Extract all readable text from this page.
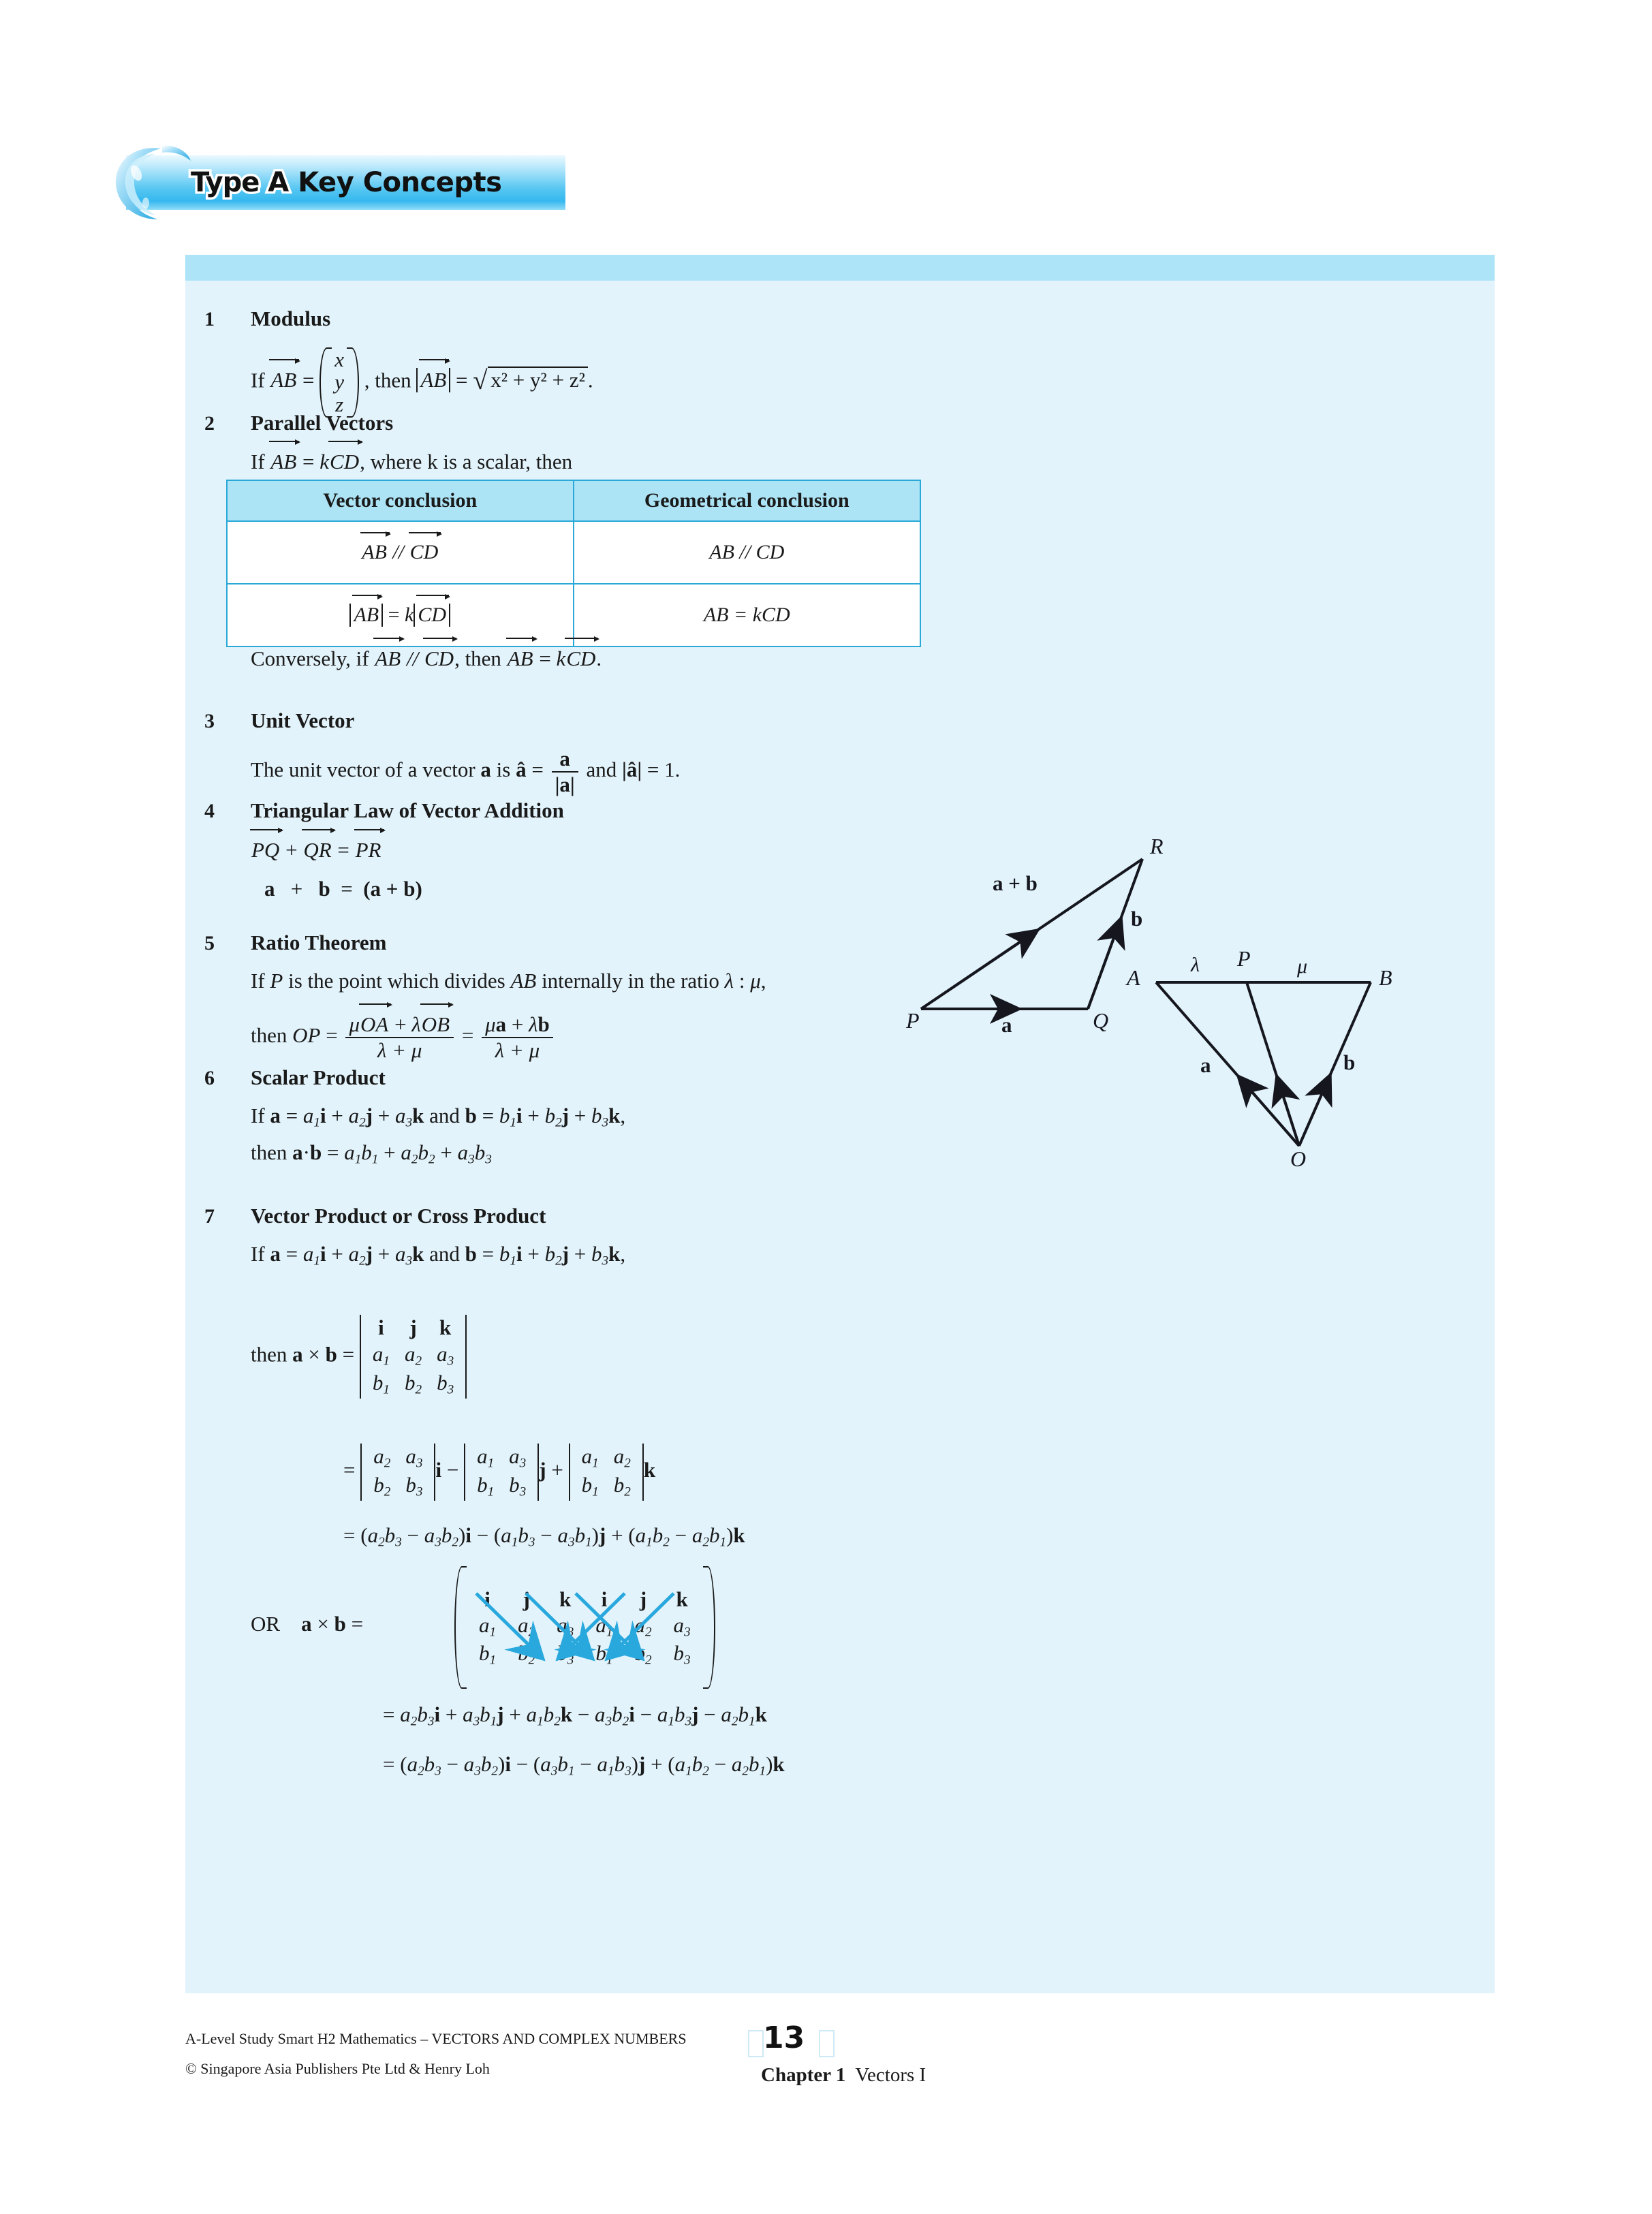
Type A Key Concepts
1 Modulus
If AB =
x
y
z
, then AB = √ x² + y² + z² .
2 Parallel Vectors
If AB = kCD, where k is a scalar, then
Vector conclusion	Geometrical conclusion
AB // CD	AB // CD
AB = k CD	AB = kCD
Conversely, if AB // CD, then AB = kCD.
3 Unit Vector
The unit vector of a vector a is â = $\frac{a}{|a|}$ and |â| = 1.
4 Triangular Law of Vector Addition
PQ + QR = PR
a + b = (a + b)
P	Q
R
a
b
a + b
5 Ratio Theorem
If P is the point which divides AB internally in the ratio λ : μ,
then OP = $\frac{\text{μOA + λOB}}{\lambda + \mu} = \frac{\mu a + \lambda b}{\lambda + \mu}$
A	B
P
O
λ	μ
a	b
6 Scalar Product
If $a = a_1i + a_2j + a_3k$ and $b = b_1i + b_2j + b_3k$,
then $a\cdot b = a_1b_1 + a_2b_2 + a_3b_3$
7 Vector Product or Cross Product
If $a = a_1i + a_2j + a_3k$ and $b = b_1i + b_2j + b_3k$,
then a × b =
i	j	k
$a_1$	$a_2$	$a_3$
$b_1$	$b_2$	$b_3$
=
$a_2$	$a_3$
$b_2$	$b_3$
i −
$a_1$	$a_3$
$b_1$	$b_3$
j +
$a_1$	$a_2$
$b_1$	$b_2$
k
= $(a_2b_3 - a_3b_2)i - (a_1b_3 - a_3b_1)j + (a_1b_2 - a_2b_1)k$
OR a × b =
i	j	k	i	j	k
$a_1$	$a_2$	$a_3$	$a_1$	$a_2$	$a_3$
$b_1$	$b_2$	$b_3$	$b_1$	$b_2$	$b_3$
= $a_2b_3i + a_3b_1j + a_1b_2k - a_3b_2i - a_1b_3j - a_2b_1k$
= $(a_2b_3 - a_3b_2)i - (a_3b_1 - a_1b_3)j + (a_1b_2 - a_2b_1)k$
A-Level Study Smart H2 Mathematics – VECTORS AND COMPLEX NUMBERS
© Singapore Asia Publishers Pte Ltd & Henry Loh
13
Chapter 1 Vectors I
